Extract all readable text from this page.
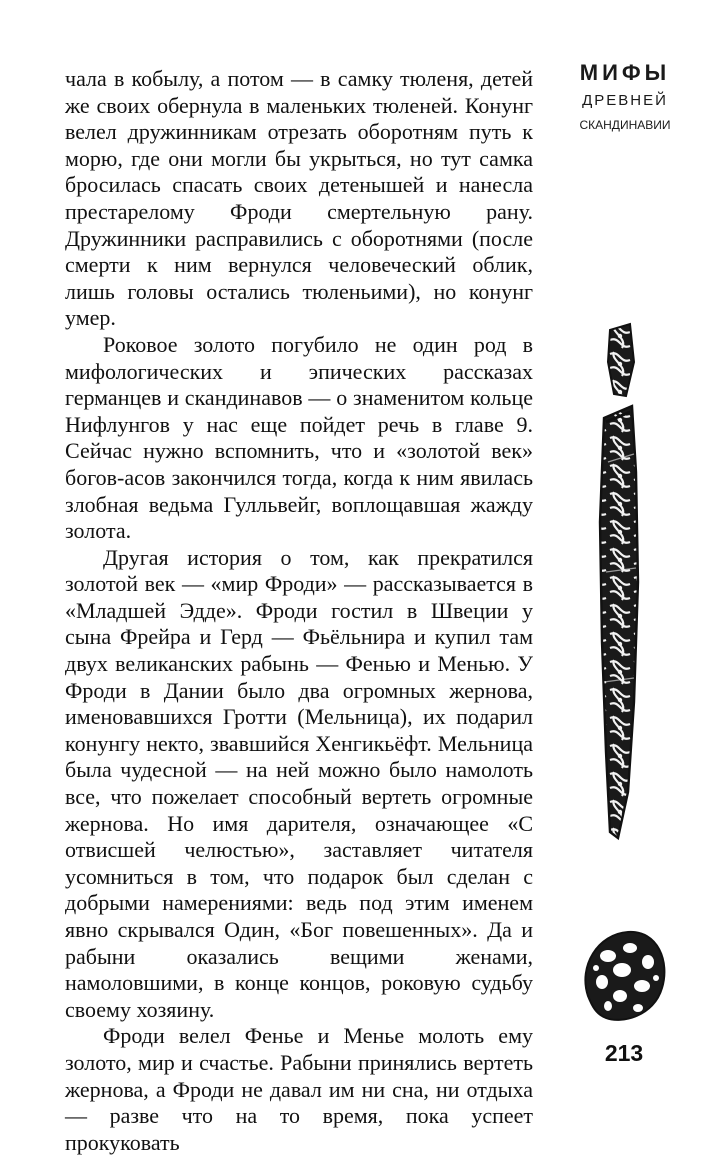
МИФЫ
ДРЕВНЕЙ
СКАНДИНАВИИ

чала в кобылу, а потом — в самку тюленя, детей же своих обернула в маленьких тюленей. Конунг велел дружинникам отрезать оборотням путь к морю, где они могли бы укрыться, но тут самка бросилась спасать своих детенышей и нанесла престарелому Фроди смертельную рану. Дружинники расправились с оборотнями (после смерти к ним вернулся человеческий облик, лишь головы остались тюленьими), но конунг умер.

Роковое золото погубило не один род в мифологических и эпических рассказах германцев и скандинавов — о знаменитом кольце Нифлунгов у нас еще пойдет речь в главе 9. Сейчас нужно вспомнить, что и «золотой век» богов-асов закончился тогда, когда к ним явилась злобная ведьма Гулльвейг, воплощавшая жажду золота.

Другая история о том, как прекратился золотой век — «мир Фроди» — рассказывается в «Младшей Эдде». Фроди гостил в Швеции у сына Фрейра и Герд — Фьёльнира и купил там двух великанских рабынь — Фенью и Менью. У Фроди в Дании было два огромных жернова, именовавшихся Гротти (Мельница), их подарил конунгу некто, звавшийся Хенгикьёфт. Мельница была чудесной — на ней можно было намолоть все, что пожелает способный вертеть огромные жернова. Но имя дарителя, означающее «С отвисшей челюстью», заставляет читателя усомниться в том, что подарок был сделан с добрыми намерениями: ведь под этим именем явно скрывался Один, «Бог повешенных». Да и рабыни оказались вещими женами, намоловшими, в конце концов, роковую судьбу своему хозяину.

Фроди велел Фенье и Менье молоть ему золото, мир и счастье. Рабыни принялись вертеть жернова, а Фроди не давал им ни сна, ни отдыха — разве что на то время, пока успеет прокуковать

213
